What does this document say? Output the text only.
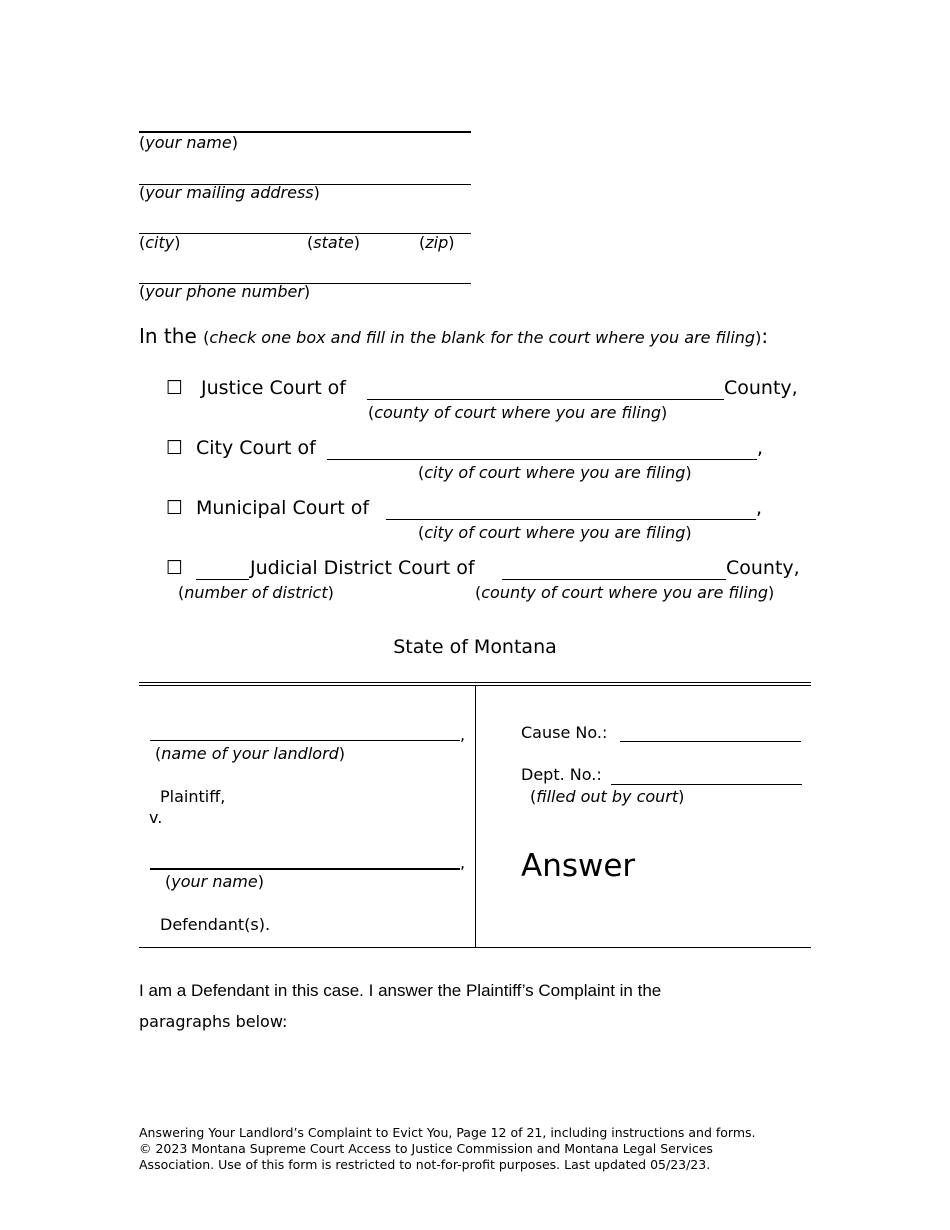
(your name)
(your mailing address)
(city)	(state)	(zip)
(your phone number)
In the (check one box and fill in the blank for the court where you are filing):
☐ Justice Court of	County,
(county of court where you are filing)
☐ City Court of	,
(city of court where you are filing)
☐ Municipal Court of	,
(city of court where you are filing)
☐	Judicial District Court of	County,
(number of district)	(county of court where you are filing)
State of Montana
,
(name of your landlord)
Plaintiff,
v.
,
(your name)
Defendant(s).
Cause No.:
Dept. No.:
(filled out by court)
Answer
I am a Defendant in this case. I answer the Plaintiff’s Complaint in the
paragraphs below:
Answering Your Landlord’s Complaint to Evict You, Page 12 of 21, including instructions and forms.
© 2023 Montana Supreme Court Access to Justice Commission and Montana Legal Services
Association. Use of this form is restricted to not-for-profit purposes. Last updated 05/23/23.
